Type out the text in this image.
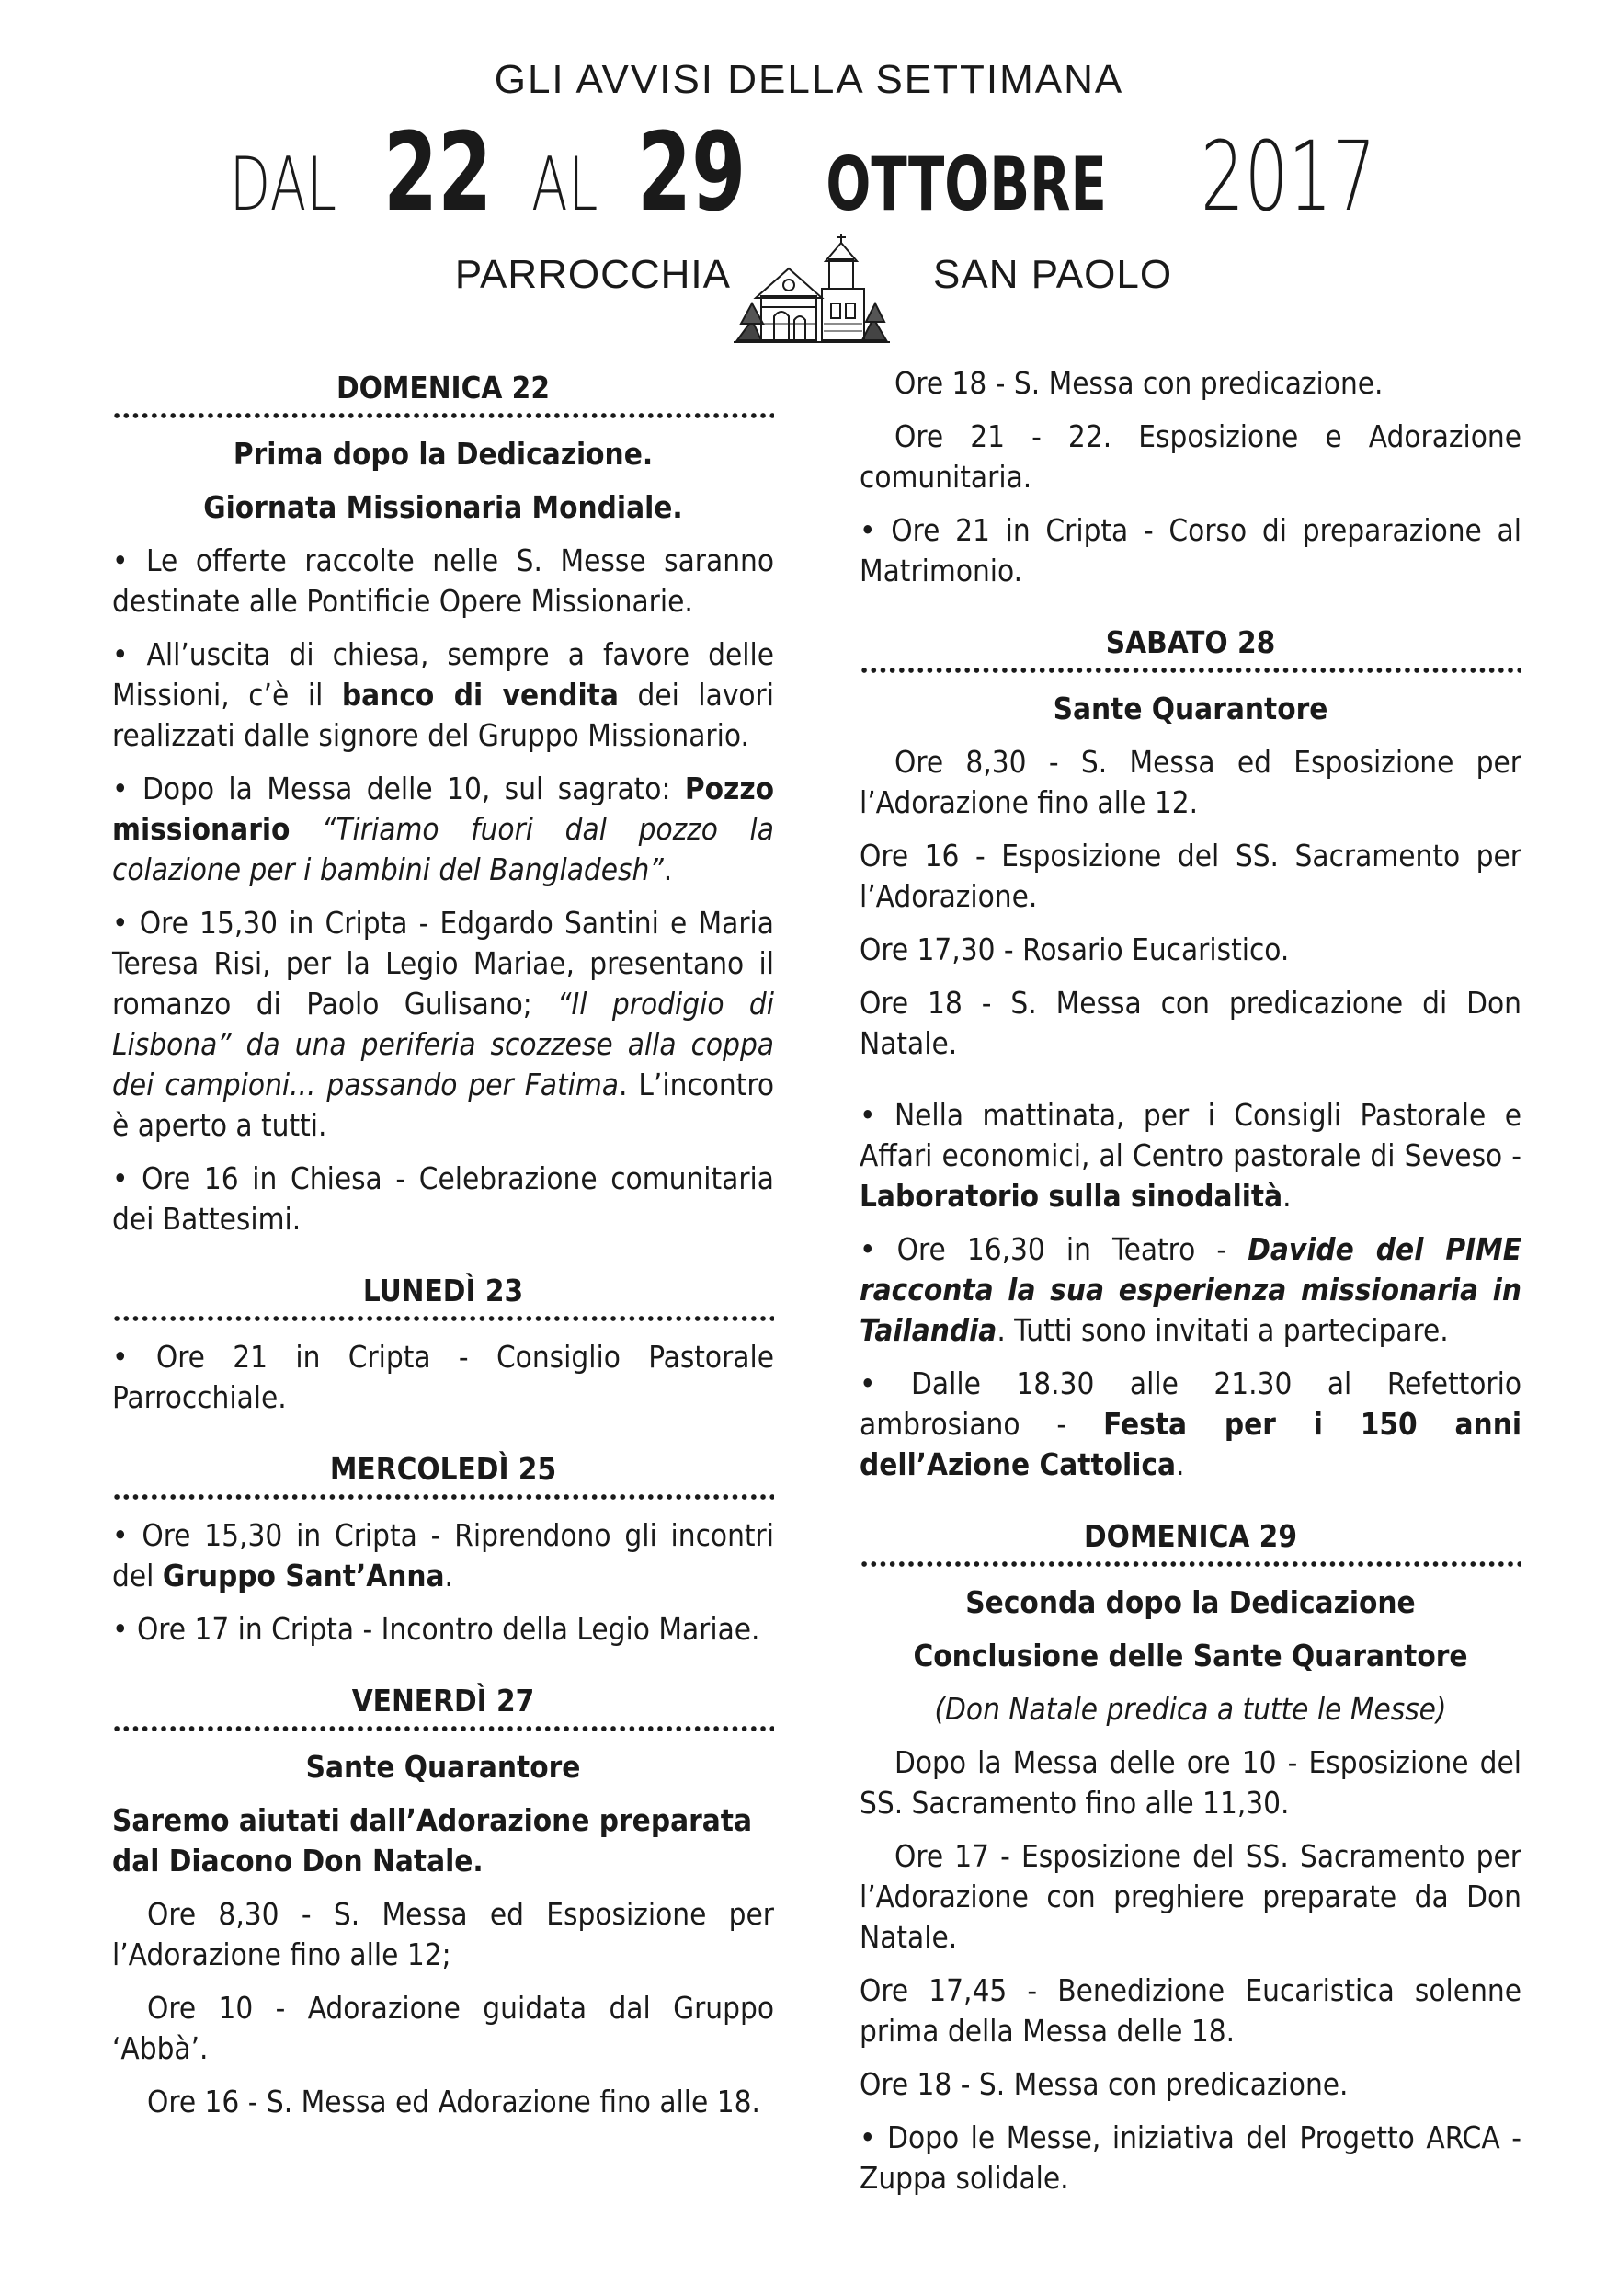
GLI AVVISI DELLA SETTIMANA
DAL 22 AL 29 OTTOBRE 2017
PARROCCHIA	SAN PAOLO
DOMENICA 22
Prima dopo la Dedicazione.
Giornata Missionaria Mondiale.

• Le offerte raccolte nelle S. Messe saranno destinate alle Pontificie Opere Missionarie.

• All’uscita di chiesa, sempre a favore delle Missioni, c’è il banco di vendita dei lavori realizzati dalle signore del Gruppo Missionario.

• Dopo la Messa delle 10, sul sagrato: Pozzo missionario “Tiriamo fuori dal pozzo la colazione per i bambini del Bangladesh”.

• Ore 15,30 in Cripta - Edgardo Santini e Maria Teresa Risi, per la Legio Mariae, presentano il romanzo di Paolo Gulisano; “Il prodigio di Lisbona” da una periferia scozzese alla coppa dei campioni... passando per Fatima. L’incontro è aperto a tutti.

• Ore 16 in Chiesa - Celebrazione comunitaria dei Battesimi.

LUNEDÌ 23

• Ore 21 in Cripta - Consiglio Pastorale Parrocchiale.

MERCOLEDÌ 25

• Ore 15,30 in Cripta - Riprendono gli incontri del Gruppo Sant’Anna.

• Ore 17 in Cripta - Incontro della Legio Mariae.

VENERDÌ 27
Sante Quarantore

Saremo aiutati dall’Adorazione preparata dal Diacono Don Natale.

Ore 8,30 - S. Messa ed Esposizione per l’Adorazione fino alle 12;

Ore 10 - Adorazione guidata dal Gruppo ‘Abbà’.

Ore 16 - S. Messa ed Adorazione fino alle 18.

Ore 18 - S. Messa con predicazione.

Ore 21 - 22. Esposizione e Adorazione comunitaria.

• Ore 21 in Cripta - Corso di preparazione al Matrimonio.

SABATO 28
Sante Quarantore

Ore 8,30 - S. Messa ed Esposizione per l’Adorazione fino alle 12.

Ore 16 - Esposizione del SS. Sacramento per l’Adorazione.

Ore 17,30 - Rosario Eucaristico.

Ore 18 - S. Messa con predicazione di Don Natale.

• Nella mattinata, per i Consigli Pastorale e Affari economici, al Centro pastorale di Seveso - Laboratorio sulla sinodalità.

• Ore 16,30 in Teatro - Davide del PIME racconta la sua esperienza missionaria in Tailandia. Tutti sono invitati a partecipare.

• Dalle 18.30 alle 21.30 al Refettorio ambrosiano - Festa per i 150 anni dell’Azione Cattolica.

DOMENICA 29
Seconda dopo la Dedicazione
Conclusione delle Sante Quarantore
(Don Natale predica a tutte le Messe)

Dopo la Messa delle ore 10 - Esposizione del SS. Sacramento fino alle 11,30.

Ore 17 - Esposizione del SS. Sacramento per l’Adorazione con preghiere preparate da Don Natale.

Ore 17,45 - Benedizione Eucaristica solenne prima della Messa delle 18.

Ore 18 - S. Messa con predicazione.

• Dopo le Messe, iniziativa del Progetto ARCA - Zuppa solidale.
